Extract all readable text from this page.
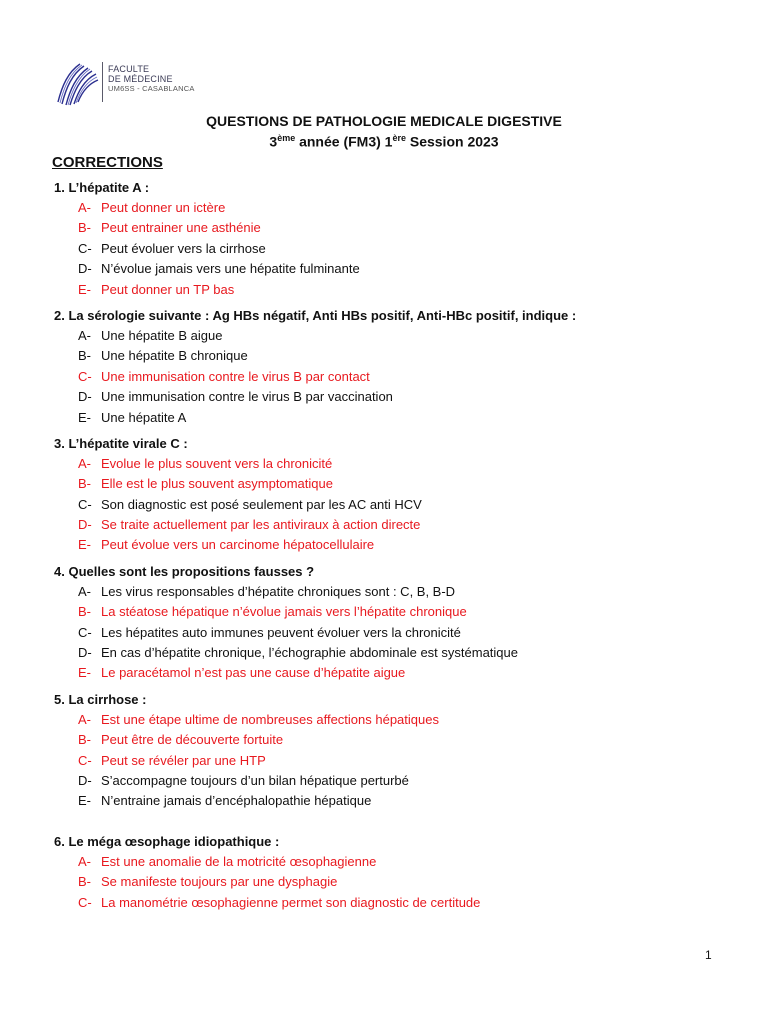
FACULTE
DE MÉDECINE
UM6SS - CASABLANCA
QUESTIONS DE PATHOLOGIE MEDICALE DIGESTIVE
3ème année (FM3) 1ère Session 2023
CORRECTIONS

1. L’hépatite A :

A- Peut donner un ictère

B- Peut entrainer une asthénie

C- Peut évoluer vers la cirrhose

D- N’évolue jamais vers une hépatite fulminante

E- Peut donner un TP bas

2. La sérologie suivante : Ag HBs négatif, Anti HBs positif, Anti-HBc positif, indique :

A- Une hépatite B aigue

B- Une hépatite B chronique

C- Une immunisation contre le virus B par contact

D- Une immunisation contre le virus B par vaccination

E- Une hépatite A

3. L’hépatite virale C :

A- Evolue le plus souvent vers la chronicité

B- Elle est le plus souvent asymptomatique

C- Son diagnostic est posé seulement par les AC anti HCV

D- Se traite actuellement par les antiviraux à action directe

E- Peut évolue vers un carcinome hépatocellulaire

4. Quelles sont les propositions fausses ?

A- Les virus responsables d’hépatite chroniques sont : C, B, B-D

B- La stéatose hépatique n’évolue jamais vers l’hépatite chronique

C- Les hépatites auto immunes peuvent évoluer vers la chronicité

D- En cas d’hépatite chronique, l’échographie abdominale est systématique

E- Le paracétamol n’est pas une cause d’hépatite aigue

5. La cirrhose :

A- Est une étape ultime de nombreuses affections hépatiques

B- Peut être de découverte fortuite

C- Peut se révéler par une HTP

D- S’accompagne toujours d’un bilan hépatique perturbé

E- N’entraine jamais d’encéphalopathie hépatique

6. Le méga œsophage idiopathique :

A- Est une anomalie de la motricité œsophagienne

B- Se manifeste toujours par une dysphagie

C- La manométrie œsophagienne permet son diagnostic de certitude

1
